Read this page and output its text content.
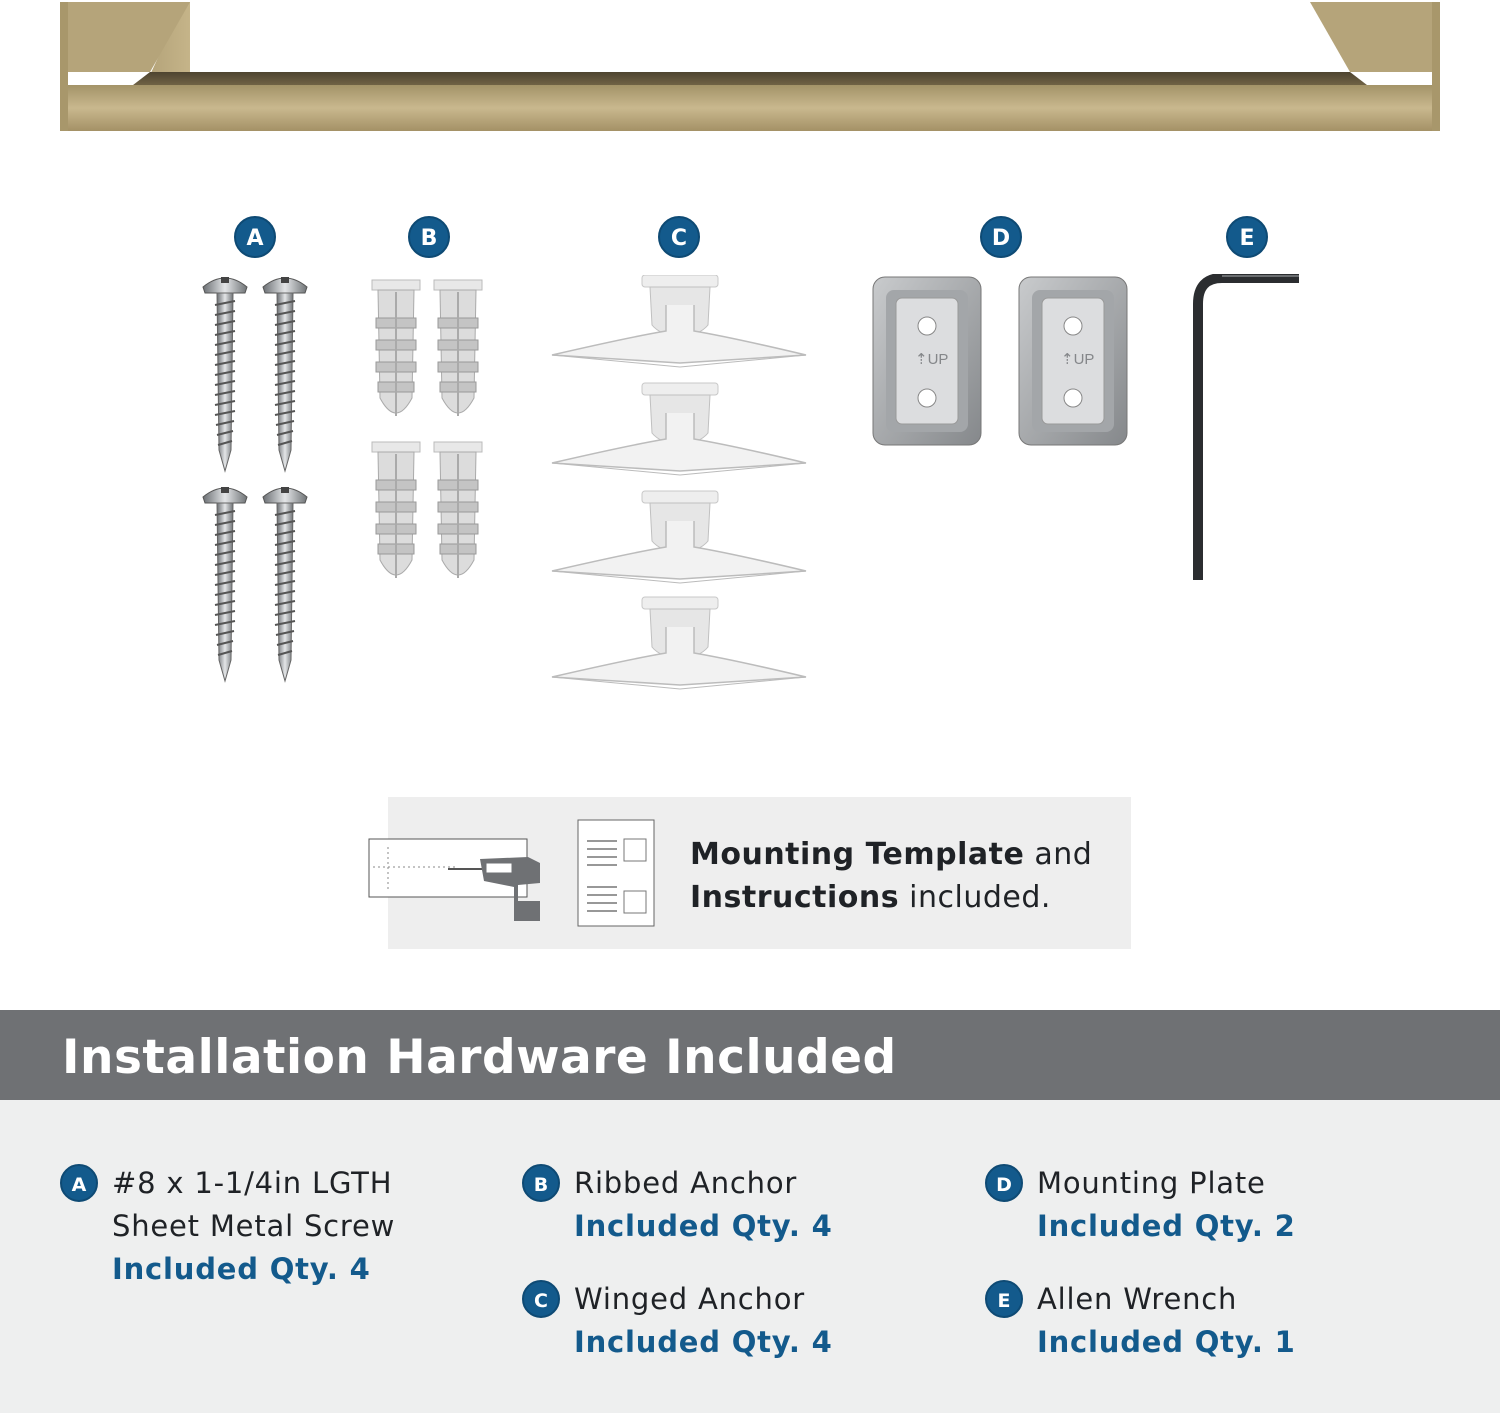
A	B	C	D	E
⇡UP	⇡UP
Mounting Template and
Instructions included.
Installation Hardware Included
A #8 x 1-1/4in LGTH
Sheet Metal Screw
Included Qty. 4
B Ribbed Anchor
Included Qty. 4
C Winged Anchor
Included Qty. 4
D Mounting Plate
Included Qty. 2
E Allen Wrench
Included Qty. 1
